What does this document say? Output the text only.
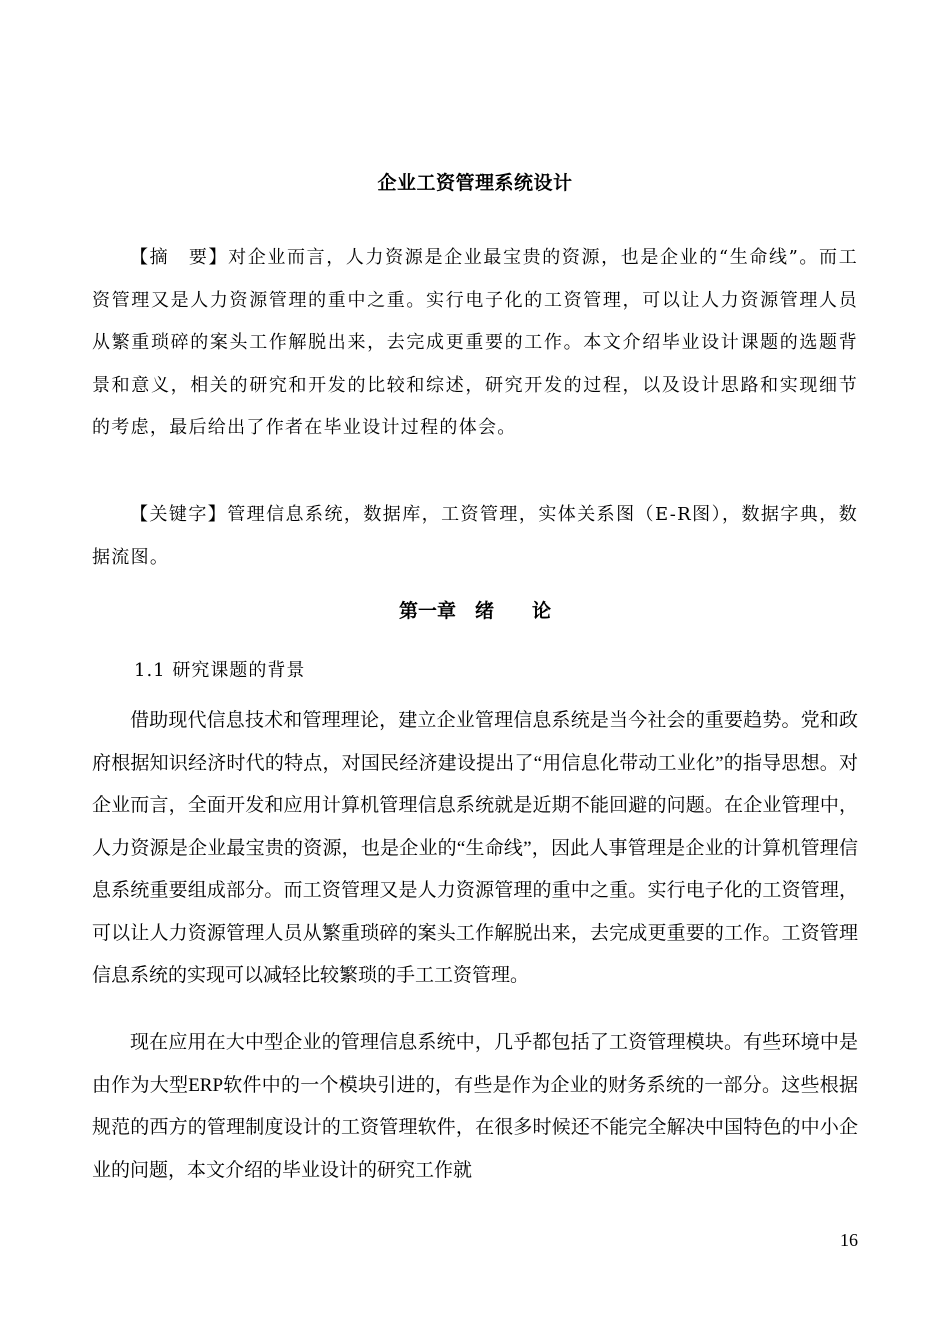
企业工资管理系统设计
【摘　要】对企业而言，人力资源是企业最宝贵的资源，也是企业的“生命线”。而工资管理又是人力资源管理的重中之重。实行电子化的工资管理，可以让人力资源管理人员从繁重琐碎的案头工作解脱出来，去完成更重要的工作。本文介绍毕业设计课题的选题背景和意义，相关的研究和开发的比较和综述，研究开发的过程，以及设计思路和实现细节的考虑，最后给出了作者在毕业设计过程的体会。
【关键字】管理信息系统，数据库，工资管理，实体关系图（E-R图），数据字典，数据流图。
第一章　绪　　论
1.1 研究课题的背景
借助现代信息技术和管理理论，建立企业管理信息系统是当今社会的重要趋势。党和政府根据知识经济时代的特点，对国民经济建设提出了“用信息化带动工业化”的指导思想。对企业而言，全面开发和应用计算机管理信息系统就是近期不能回避的问题。在企业管理中，人力资源是企业最宝贵的资源，也是企业的“生命线”，因此人事管理是企业的计算机管理信息系统重要组成部分。而工资管理又是人力资源管理的重中之重。实行电子化的工资管理，可以让人力资源管理人员从繁重琐碎的案头工作解脱出来，去完成更重要的工作。工资管理信息系统的实现可以减轻比较繁琐的手工工资管理。
现在应用在大中型企业的管理信息系统中，几乎都包括了工资管理模块。有些环境中是由作为大型ERP软件中的一个模块引进的，有些是作为企业的财务系统的一部分。这些根据规范的西方的管理制度设计的工资管理软件，在很多时候还不能完全解决中国特色的中小企业的问题，本文介绍的毕业设计的研究工作就
16
